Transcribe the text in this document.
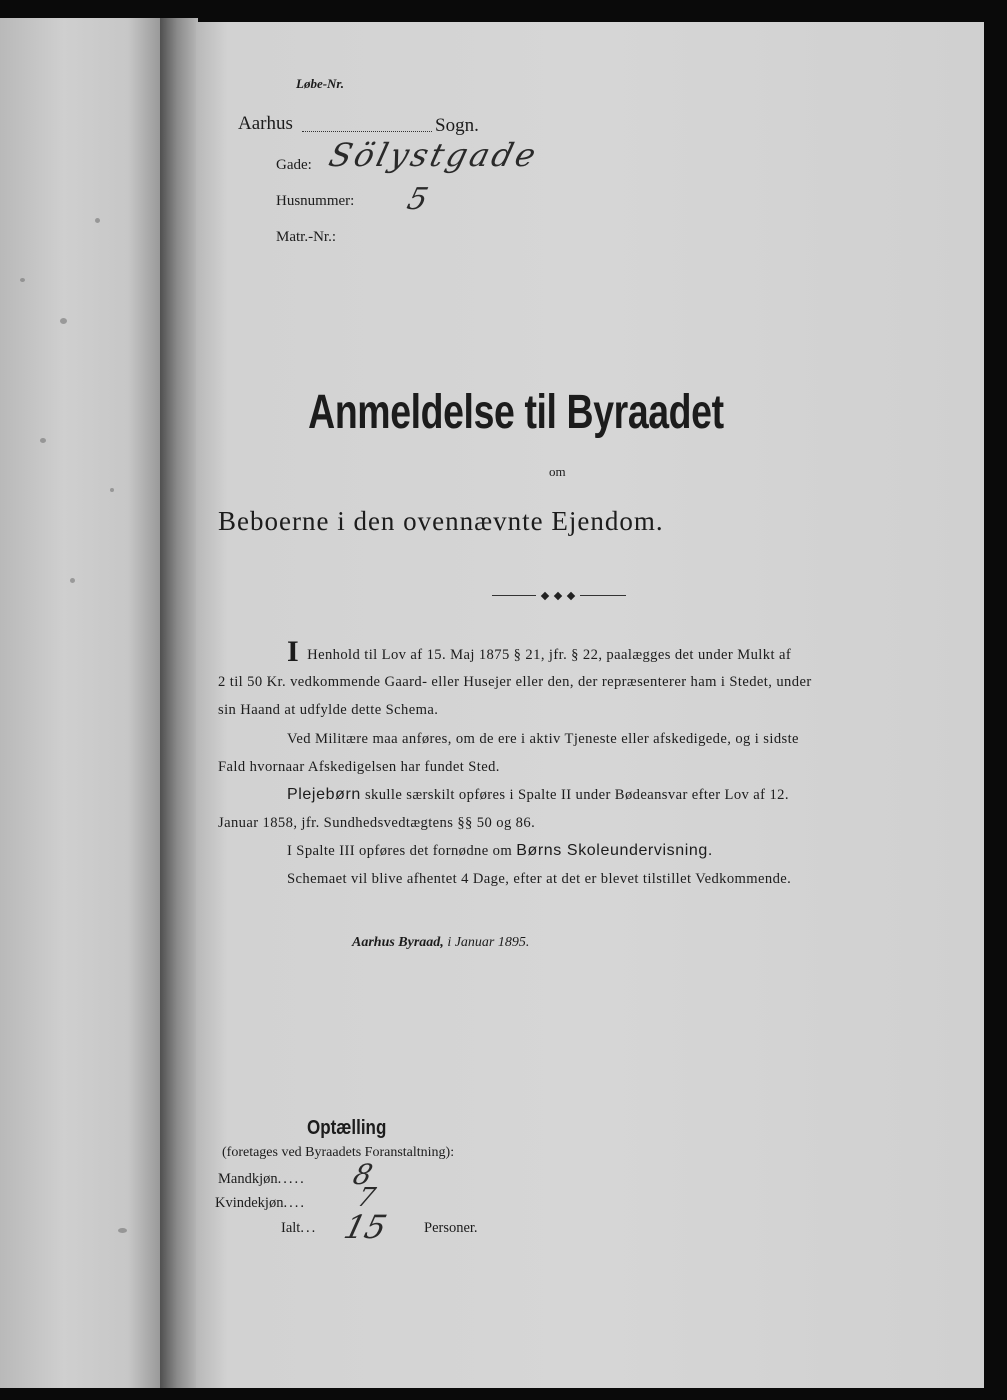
Løbe-Nr.
Aarhus	Sogn.
Gade: Sölystgade
Husnummer: 5
Matr.-Nr.:
Anmeldelse til Byraadet
om
Beboerne i den ovennævnte Ejendom.
I Henhold til Lov af 15. Maj 1875 § 21, jfr. § 22, paalægges det under Mulkt af
2 til 50 Kr. vedkommende Gaard- eller Husejer eller den, der repræsenterer ham i Stedet, under
sin Haand at udfylde dette Schema.
Ved Militære maa anføres, om de ere i aktiv Tjeneste eller afskedigede, og i sidste
Fald hvornaar Afskedigelsen har fundet Sted.
Plejebørn skulle særskilt opføres i Spalte II under Bødeansvar efter Lov af 12.
Januar 1858, jfr. Sundhedsvedtægtens §§ 50 og 86.
I Spalte III opføres det fornødne om Børns Skoleundervisning.
Schemaet vil blive afhentet 4 Dage, efter at det er blevet tilstillet Vedkommende.
Aarhus Byraad, i Januar 1895.
Optælling
(foretages ved Byraadets Foranstaltning):
Mandkjøn..... 8
Kvindekjøn.... 7
Ialt... 15 Personer.
